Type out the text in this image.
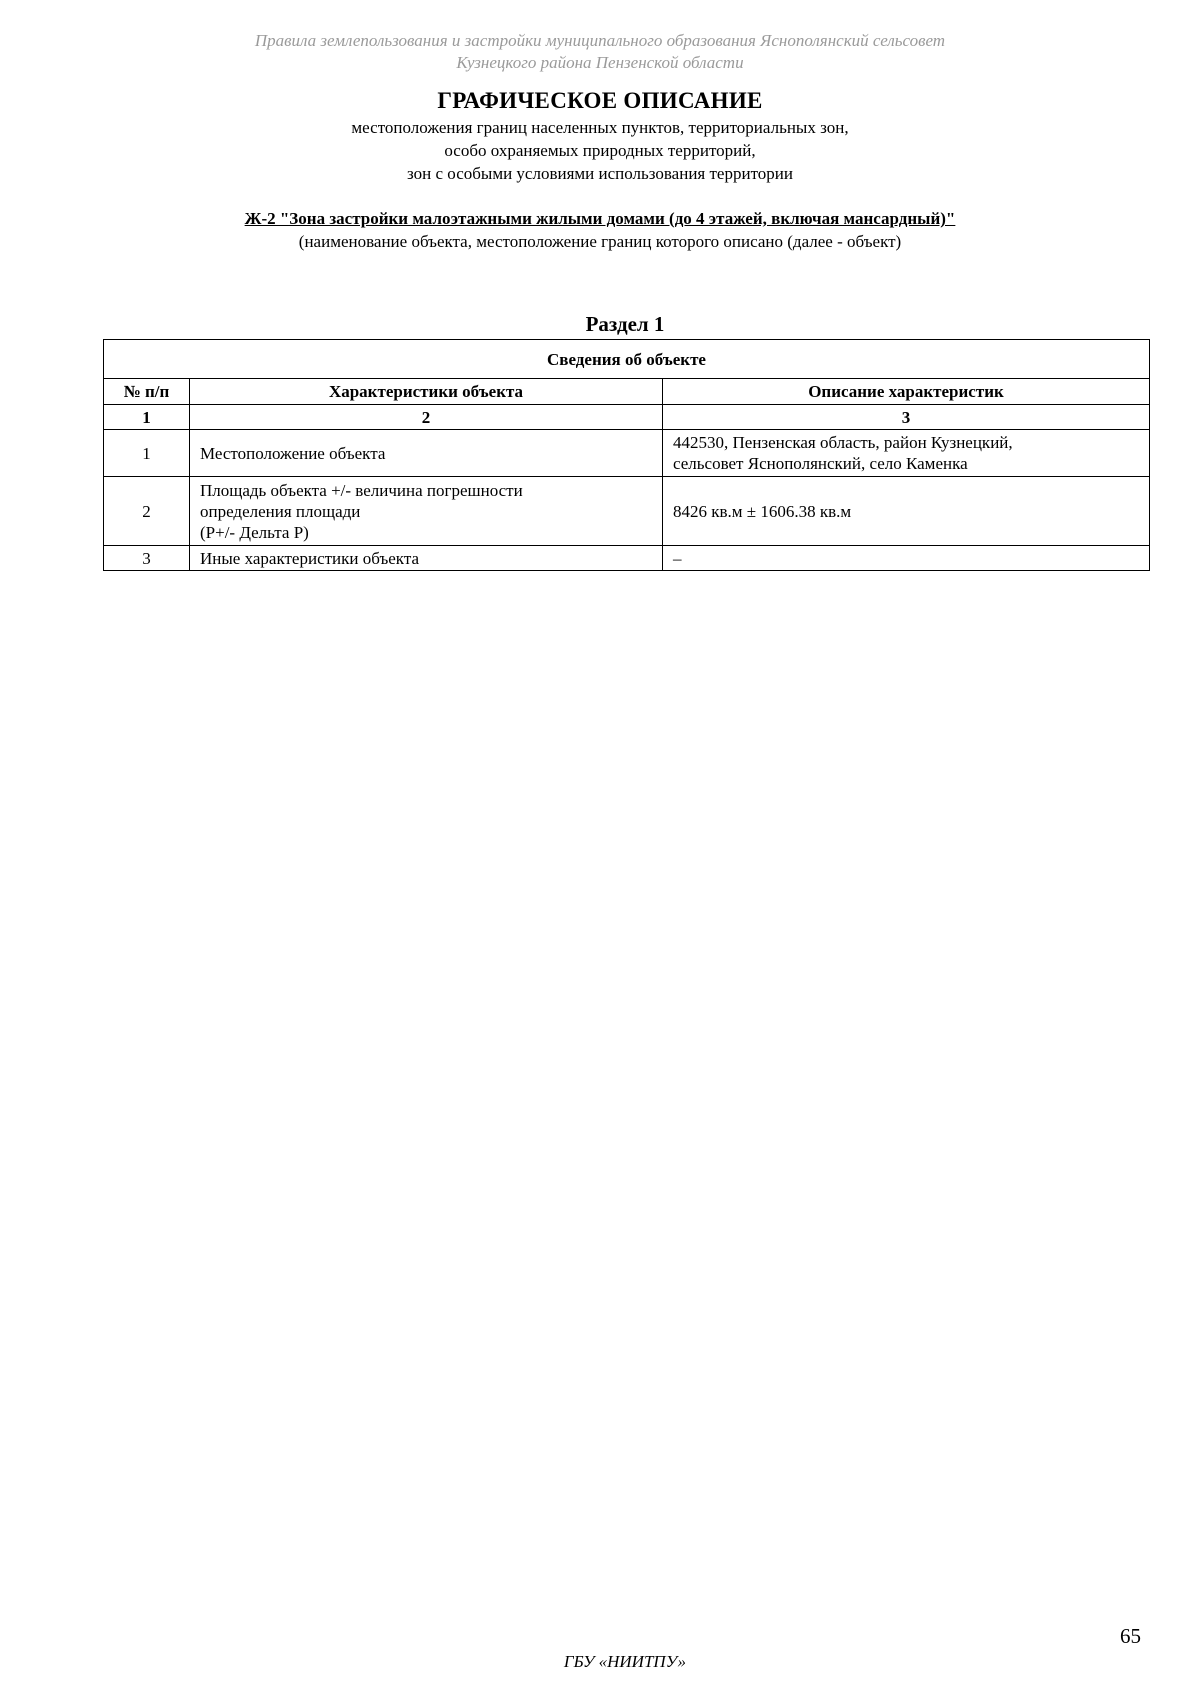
Правила землепользования и застройки муниципального образования Яснополянский сельсовет
Кузнецкого района Пензенской области
ГРАФИЧЕСКОЕ ОПИСАНИЕ
местоположения границ населенных пунктов, территориальных зон,
особо охраняемых природных территорий,
зон с особыми условиями использования территории
Ж-2 "Зона застройки малоэтажными жилыми домами (до 4 этажей, включая мансардный)"
(наименование объекта, местоположение границ которого описано (далее - объект)
Раздел 1
Сведения об объекте		
№ п/п	Характеристики объекта	Описание характеристик
1	2	3
1	Местоположение объекта	442530, Пензенская область, район Кузнецкий,
сельсовет Яснополянский, село Каменка

2	Площадь объекта +/- величина погрешности
определения площади
(P+/- Дельта P)	8426 кв.м ± 1606.38 кв.м

3	Иные характеристики объекта	–
65
ГБУ «НИИТПУ»
